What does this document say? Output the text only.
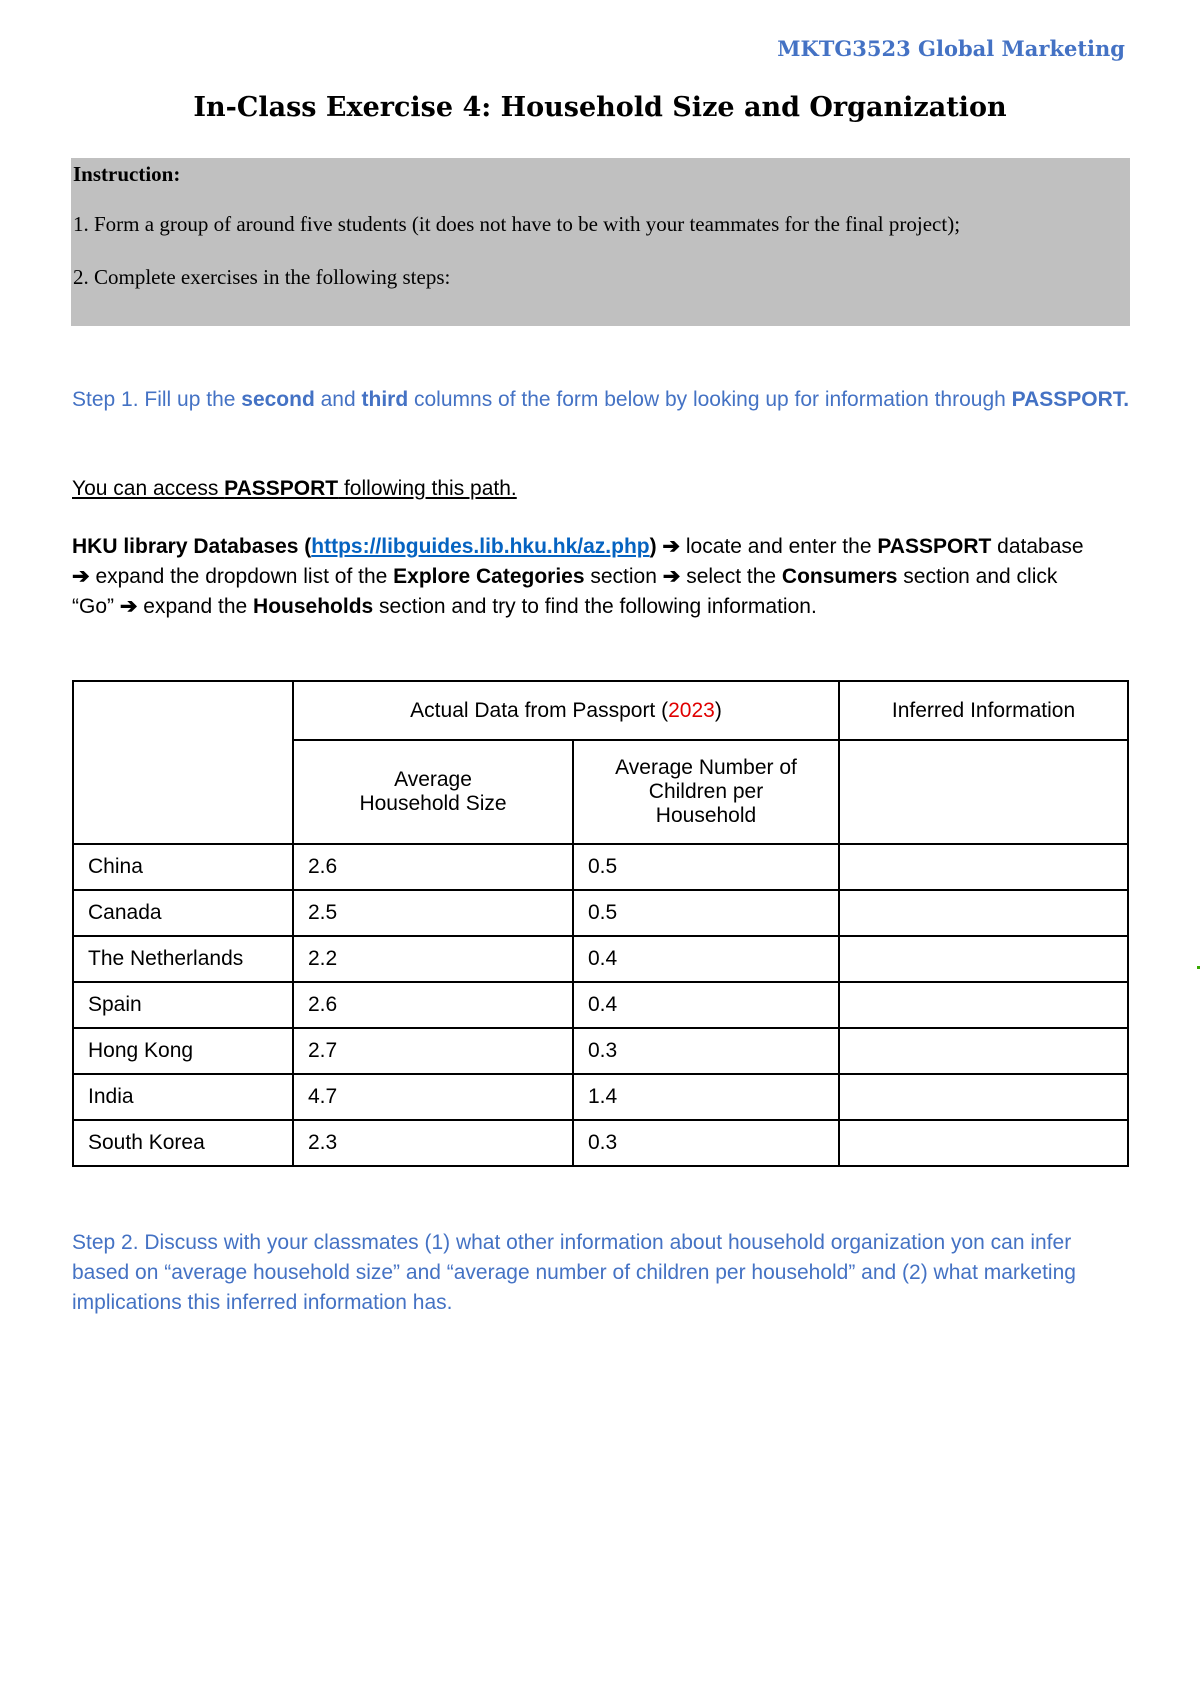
MKTG3523 Global Marketing
In-Class Exercise 4: Household Size and Organization

Instruction:

1. Form a group of around five students (it does not have to be with your teammates for the final project);

2. Complete exercises in the following steps:

Step 1. Fill up the second and third columns of the form below by looking up for information through PASSPORT.
You can access PASSPORT following this path.
HKU library Databases (https://libguides.lib.hku.hk/az.php) ➔ locate and enter the PASSPORT database
➔ expand the dropdown list of the Explore Categories section ➔ select the Consumers section and click
“Go” ➔ expand the Households section and try to find the following information.
	Actual Data from Passport (2023)		Inferred Information
	Average
Household Size	Average Number of
Children per
Household	
China	2.6	0.5	
Canada	2.5	0.5	
The Netherlands	2.2	0.4	
Spain	2.6	0.4	
Hong Kong	2.7	0.3	
India	4.7	1.4	
South Korea	2.3	0.3	
Step 2. Discuss with your classmates (1) what other information about household organization yon can infer based on “average household size” and “average number of children per household” and (2) what marketing implications this inferred information has.
